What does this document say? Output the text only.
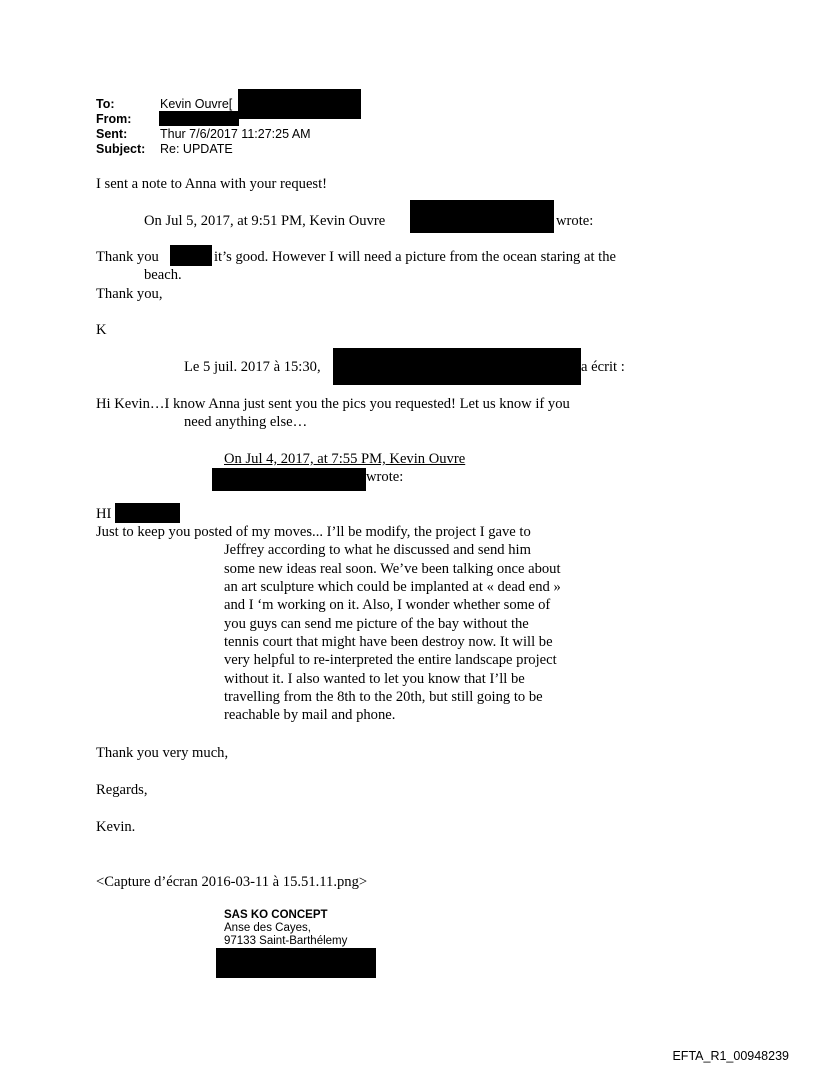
To:	Kevin Ouvre[
From:
Sent:	Thur 7/6/2017 11:27:25 AM
Subject: Re: UPDATE
I sent a note to Anna with your request!
On Jul 5, 2017, at 9:51 PM, Kevin Ouvre	wrote:
Thank you	it’s good. However I will need a picture from the ocean staring at the
beach.
Thank you,
K
Le 5 juil. 2017 à 15:30,	a écrit :
Hi Kevin…I know Anna just sent you the pics you requested! Let us know if you
need anything else…
On Jul 4, 2017, at 7:55 PM, Kevin Ouvre
wrote:
HI
Just to keep you posted of my moves... I’ll be modify, the project I gave to
Jeffrey according to what he discussed and send him
some new ideas real soon. We’ve been talking once about
an art sculpture which could be implanted at « dead end »
and I ‘m working on it. Also, I wonder whether some of
you guys can send me picture of the bay without the
tennis court that might have been destroy now. It will be
very helpful to re-interpreted the entire landscape project
without it. I also wanted to let you know that I’ll be
travelling from the 8th to the 20th, but still going to be
reachable by mail and phone.
Thank you very much,
Regards,
Kevin.
<Capture d’écran 2016-03-11 à 15.51.11.png>
SAS KO CONCEPT
Anse des Cayes,
97133 Saint-Barthélemy
EFTA_R1_00948239
